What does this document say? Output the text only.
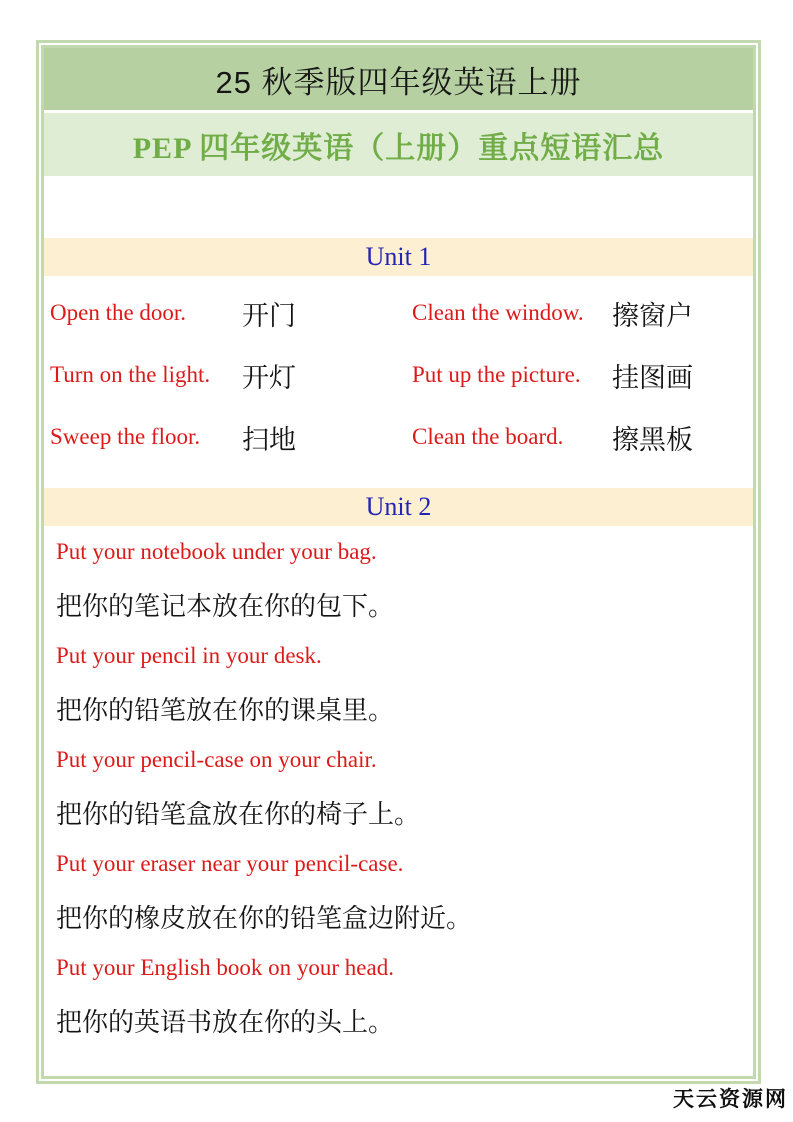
25 秋季版四年级英语上册
PEP 四年级英语（上册）重点短语汇总
Unit 1
Open the door.	开门	Clean the window.	擦窗户
Turn on the light.	开灯	Put up the picture.	挂图画
Sweep the floor.	扫地	Clean the board.	擦黑板
Unit 2
Put your notebook under your bag.
把你的笔记本放在你的包下。
Put your pencil in your desk.
把你的铅笔放在你的课桌里。
Put your pencil-case on your chair.
把你的铅笔盒放在你的椅子上。
Put your eraser near your pencil-case.
把你的橡皮放在你的铅笔盒边附近。
Put your English book on your head.
把你的英语书放在你的头上。
天云资源网
